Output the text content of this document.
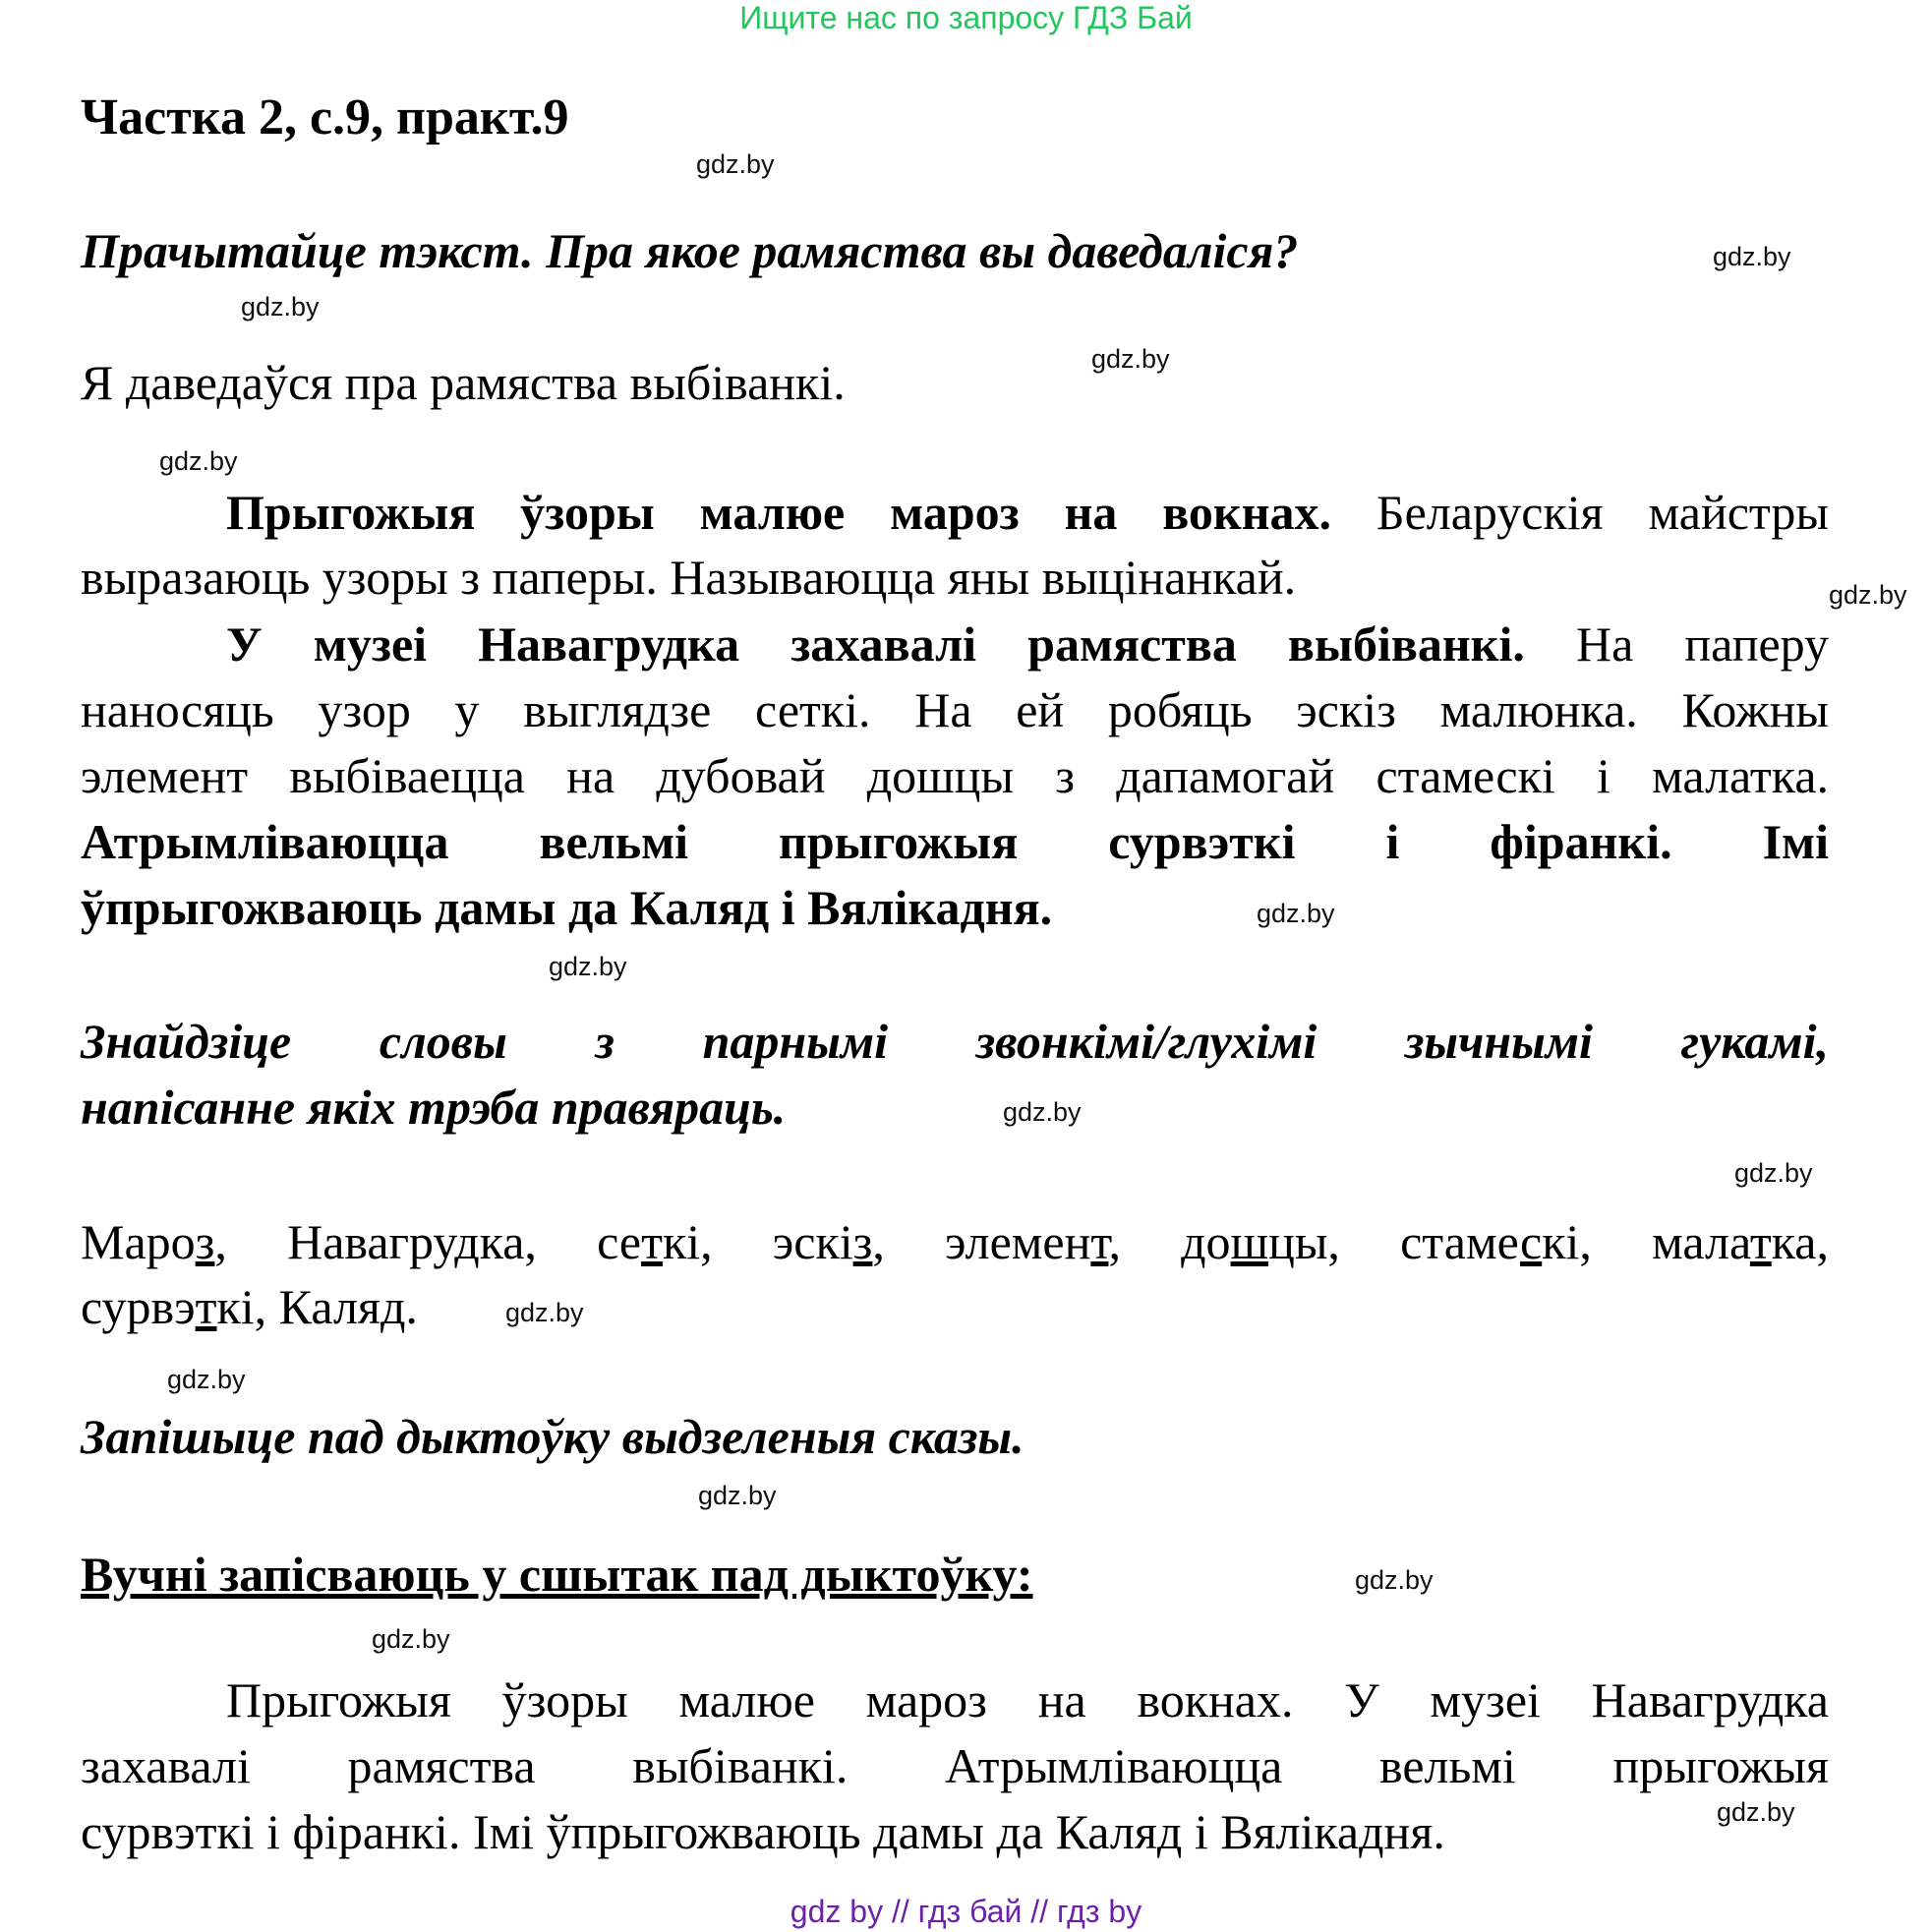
Ищите нас по запросу ГДЗ Бай
Частка 2, с.9, практ.9
gdz.by
Прачытайце тэкст. Пра якое рамяства вы даведаліся?	gdz.by
gdz.by
Я даведаўся пра рамяства выбіванкі.	gdz.by
gdz.by
Прыгожыя ўзоры малюе мароз на вокнах. Беларускія майстры
выразаюць узоры з паперы. Называюцца яны выцінанкай.	gdz.by
У музеі Навагрудка захавалі рамяства выбіванкі. На паперу
наносяць узор у выглядзе сеткі. На ей робяць эскіз малюнка. Кожны
элемент выбіваецца на дубовай дошцы з дапамогай стамескі і малатка.
Атрымліваюцца вельмі прыгожыя сурвэткі і фіранкі. Імі
ўпрыгожваюць дамы да Каляд і Вялікадня.	gdz.by
gdz.by
Знайдзіце словы з парнымі звонкімі/глухімі зычнымі гукамі,
напісанне якіх трэба правяраць.	gdz.by
gdz.by
Мароз, Навагрудка, сеткі, эскіз, элемент, дошцы, стамескі, малатка,
сурвэткі, Каляд.	gdz.by
gdz.by
Запішыце пад дыктоўку выдзеленыя сказы.
gdz.by
Вучні запісваюць у сшытак пад дыктоўку:	gdz.by
gdz.by
Прыгожыя ўзоры малюе мароз на вокнах. У музеі Навагрудка
захавалі рамяства выбіванкі. Атрымліваюцца вельмі прыгожыя
сурвэткі і фіранкі. Імі ўпрыгожваюць дамы да Каляд і Вялікадня.	gdz.by
gdz by // гдз бай // гдз by
